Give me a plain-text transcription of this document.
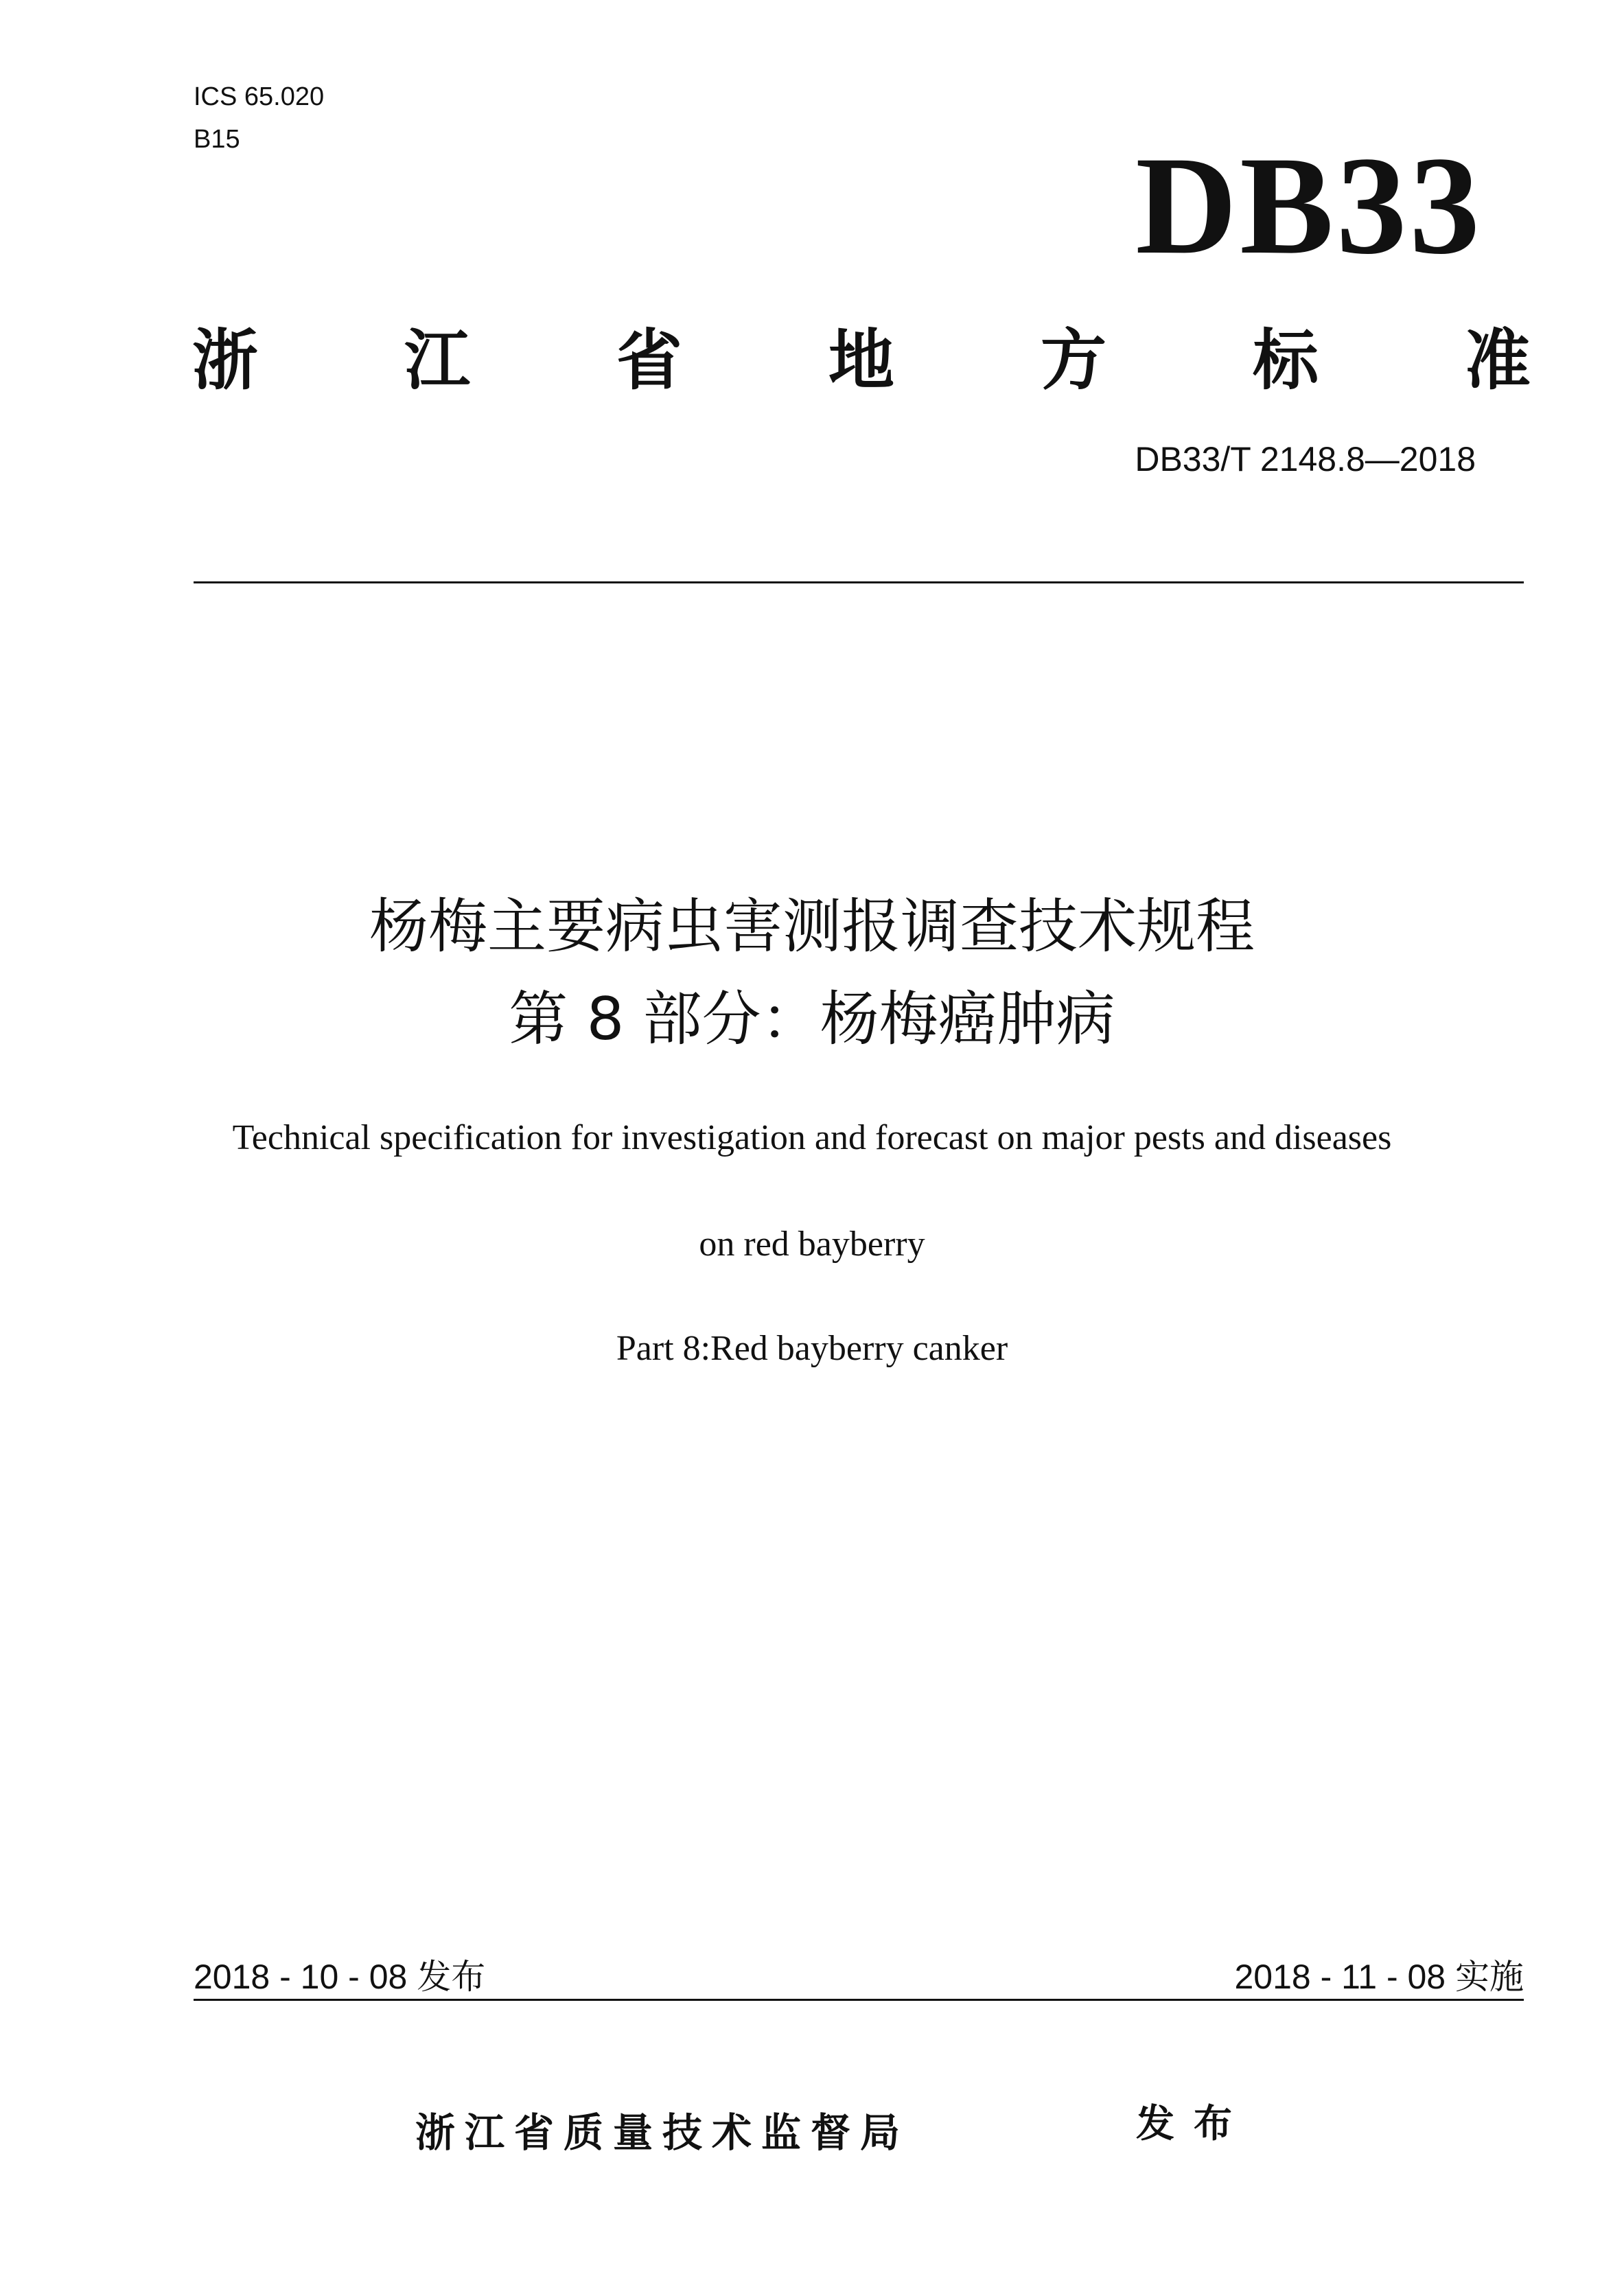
ICS 65.020
B15	DB33
浙 江 省 地 方 标 准
DB33/T 2148.8—2018
杨梅主要病虫害测报调查技术规程
第 8 部分：杨梅癌肿病
Technical specification for investigation and forecast on major pests and diseases
on red bayberry
Part 8:Red bayberry canker
2018 - 10 - 08 发布	2018 - 11 - 08 实施
浙江省质量技术监督局	发布
